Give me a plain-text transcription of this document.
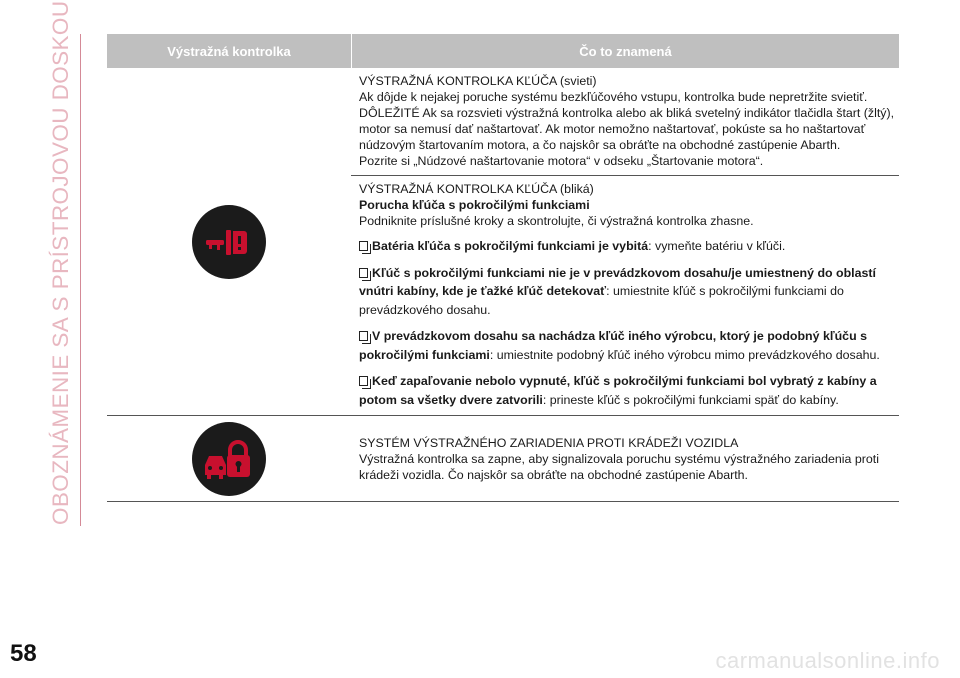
OBOZNÁMENIE SA S PRÍSTROJOVOU DOSKOU	Výstražná kontrolka	Čo to znamená

VÝSTRAŽNÁ KONTROLKA KĽÚČA (svieti)

Ak dôjde k nejakej poruche systému bezkľúčového vstupu, kontrolka bude nepretržite svietiť.

DÔLEŽITÉ Ak sa rozsvieti výstražná kontrolka alebo ak bliká svetelný indikátor tlačidla štart (žltý),

motor sa nemusí dať naštartovať. Ak motor nemožno naštartovať, pokúste sa ho naštartovať

núdzovým štartovaním motora, a čo najskôr sa obráťte na obchodné zastúpenie Abarth.

Pozrite si „Núdzové naštartovanie motora“ v odseku „Štartovanie motora“.

VÝSTRAŽNÁ KONTROLKA KĽÚČA (bliká)

Porucha kľúča s pokročilými funkciami

Podniknite príslušné kroky a skontrolujte, či výstražná kontrolka zhasne.

Batéria kľúča s pokročilými funkciami je vybitá: vymeňte batériu v kľúči.

Kľúč s pokročilými funkciami nie je v prevádzkovom dosahu/je umiestnený do oblastí vnútri kabíny, kde je ťažké kľúč detekovať: umiestnite kľúč s pokročilými funkciami do prevádzkového dosahu.

V prevádzkovom dosahu sa nachádza kľúč iného výrobcu, ktorý je podobný kľúču s pokročilými funkciami: umiestnite podobný kľúč iného výrobcu mimo prevádzkového dosahu.

Keď zapaľovanie nebolo vypnuté, kľúč s pokročilými funkciami bol vybratý z kabíny a potom sa všetky dvere zatvorili: prineste kľúč s pokročilými funkciami späť do kabíny.

SYSTÉM VÝSTRAŽNÉHO ZARIADENIA PROTI KRÁDEŽI VOZIDLA

Výstražná kontrolka sa zapne, aby signalizovala poruchu systému výstražného zariadenia proti

krádeži vozidla. Čo najskôr sa obráťte na obchodné zastúpenie Abarth.

58	carmanualsonline.info
